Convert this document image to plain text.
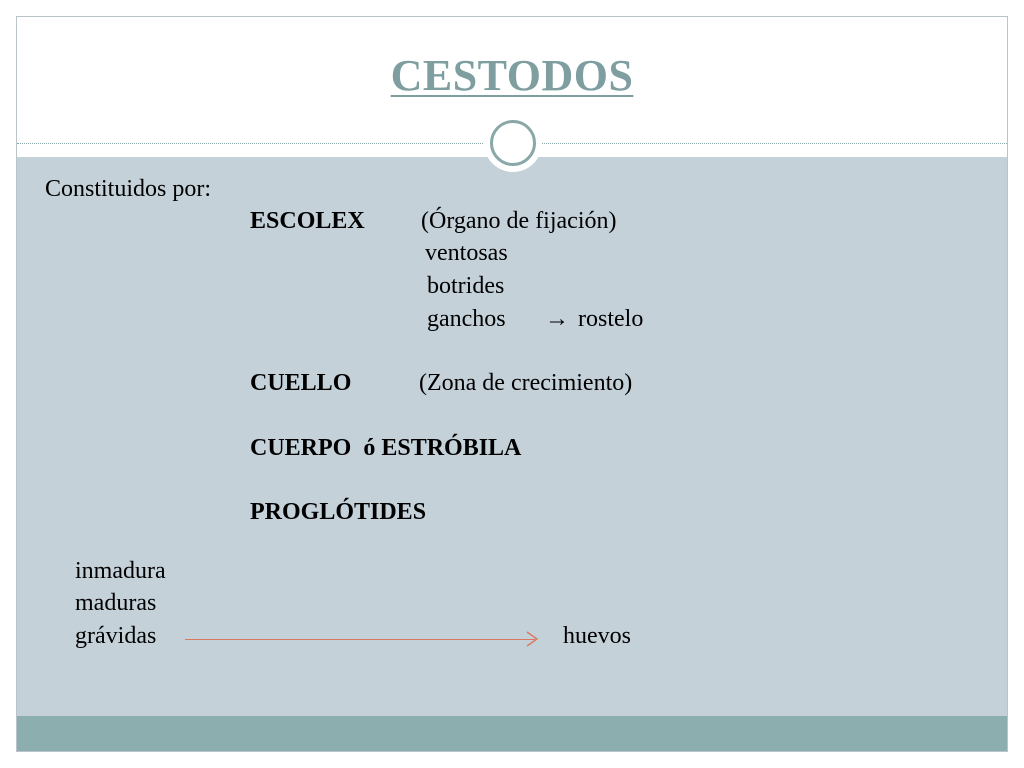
CESTODOS
Constituidos por:
ESCOLEX (Órgano de fijación)
ventosas
botrides
ganchos → rostelo
CUELLO	(Zona de crecimiento)
CUERPO  ó ESTRÓBILA
PROGLÓTIDES
inmadura
maduras
grávidas	huevos
